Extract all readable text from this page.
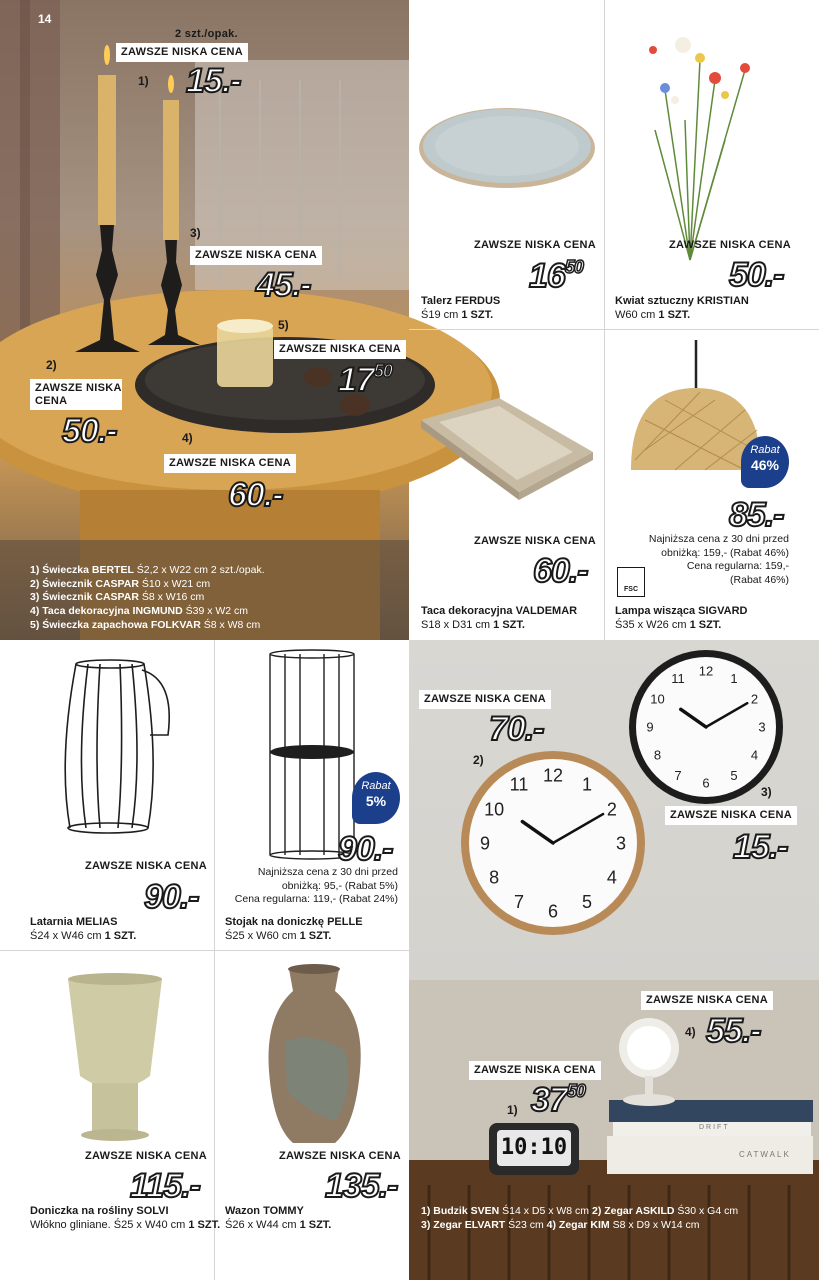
14
2 szt./opak.
ZAWSZE NISKA CENA
1) 15.-
3)
ZAWSZE NISKA CENA
45.-
5)
ZAWSZE NISKA CENA
$17^{50}$
2)
ZAWSZE NISKA
CENA
50.-	4)
ZAWSZE NISKA CENA
60.-
1) Świeczka BERTEL Ś2,2 x W22 cm 2 szt./opak.
2) Świecznik CASPAR Ś10 x W21 cm
3) Świecznik CASPAR Ś8 x W16 cm
4) Taca dekoracyjna INGMUND Ś39 x W2 cm
5) Świeczka zapachowa FOLKVAR Ś8 x W8 cm
ZAWSZE NISKA CENA
$16^{50}$
Talerz FERDUS
Ś19 cm 1 SZT.
ZAWSZE NISKA CENA
50.-
Kwiat sztuczny KRISTIAN
W60 cm 1 SZT.
ZAWSZE NISKA CENA
60.-
Taca dekoracyjna VALDEMAR
S18 x D31 cm 1 SZT.
Rabat
46%
85.-
Najniższa cena z 30 dni przed
obniżką: 159,- (Rabat 46%)
Cena regularna: 159,-
(Rabat 46%)
FSC
Lampa wisząca SIGVARD
Ś35 x W26 cm 1 SZT.
ZAWSZE NISKA CENA
90.-
Latarnia MELIAS
Ś24 x W46 cm 1 SZT.
Rabat
5%
90.-
Najniższa cena z 30 dni przed
obniżką: 95,- (Rabat 5%)
Cena regularna: 119,- (Rabat 24%)
Stojak na doniczkę PELLE
Ś25 x W60 cm 1 SZT.
ZAWSZE NISKA CENA
115.-
Doniczka na rośliny SOLVI
Włókno gliniane. Ś25 x W40 cm 1 SZT.
ZAWSZE NISKA CENA
135.-
Wazon TOMMY
Ś26 x W44 cm 1 SZT.
12 1
2
3
4
5
6
7
8
9
10
11
12
1
2
3
4
5
6
7
8
9
10
11
10:10
DRIFT
CATWALK
ZAWSZE NISKA CENA
70.-
2)
3)
ZAWSZE NISKA CENA
15.-
ZAWSZE NISKA CENA
4) 55.-
ZAWSZE NISKA CENA
$37^{50}$
1)
1) Budzik SVEN Ś14 x D5 x W8 cm 2) Zegar ASKILD Ś30 x G4 cm
3) Zegar ELVART Ś23 cm 4) Zegar KIM S8 x D9 x W14 cm
